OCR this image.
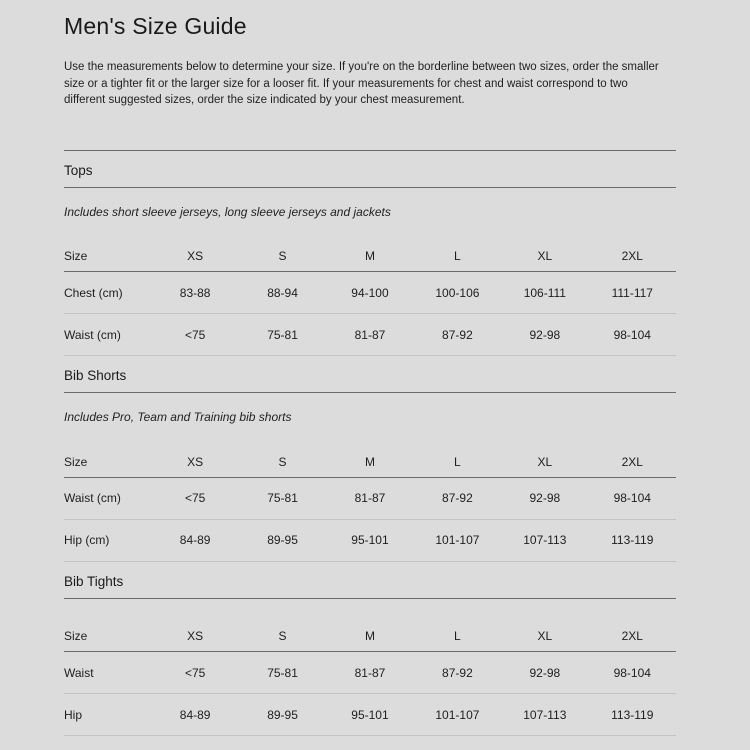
Men's Size Guide

Use the measurements below to determine your size. If you're on the borderline between two sizes, order the smaller size or a tighter fit or the larger size for a looser fit. If your measurements for chest and waist correspond to two different suggested sizes, order the size indicated by your chest measurement.

Tops

Includes short sleeve jerseys, long sleeve jerseys and jackets

Size	XS	S	M	L	XL	2XL
Chest (cm)	83-88	88-94	94-100	100-106	106-111	111-117
Waist (cm)	<75	75-81	81-87	87-92	92-98	98-104
Bib Shorts

Includes Pro, Team and Training bib shorts

Size	XS	S	M	L	XL	2XL
Waist (cm)	<75	75-81	81-87	87-92	92-98	98-104
Hip (cm)	84-89	89-95	95-101	101-107	107-113	113-119
Bib Tights
Size	XS	S	M	L	XL	2XL
Waist	<75	75-81	81-87	87-92	92-98	98-104
Hip	84-89	89-95	95-101	101-107	107-113	113-119
